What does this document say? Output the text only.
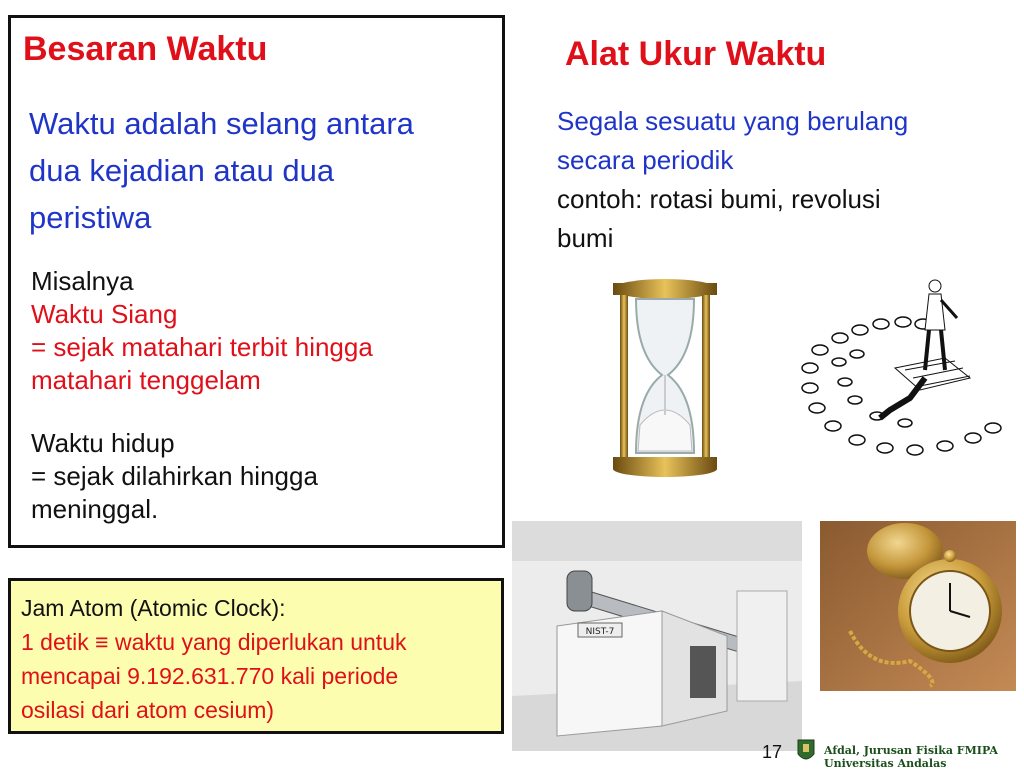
Besaran Waktu
Waktu adalah selang antara
dua kejadian atau dua
peristiwa
Misalnya
Waktu Siang
= sejak matahari terbit hingga
matahari tenggelam
Waktu hidup
= sejak dilahirkan hingga
meninggal.
Alat Ukur Waktu
Segala sesuatu yang berulang
secara periodik
contoh: rotasi bumi, revolusi
bumi
NIST-7
Jam Atom (Atomic Clock):
1 detik ≡ waktu yang diperlukan untuk
mencapai 9.192.631.770 kali periode
osilasi dari atom cesium)
17	Afdal, Jurusan Fisika FMIPA Universitas Andalas
